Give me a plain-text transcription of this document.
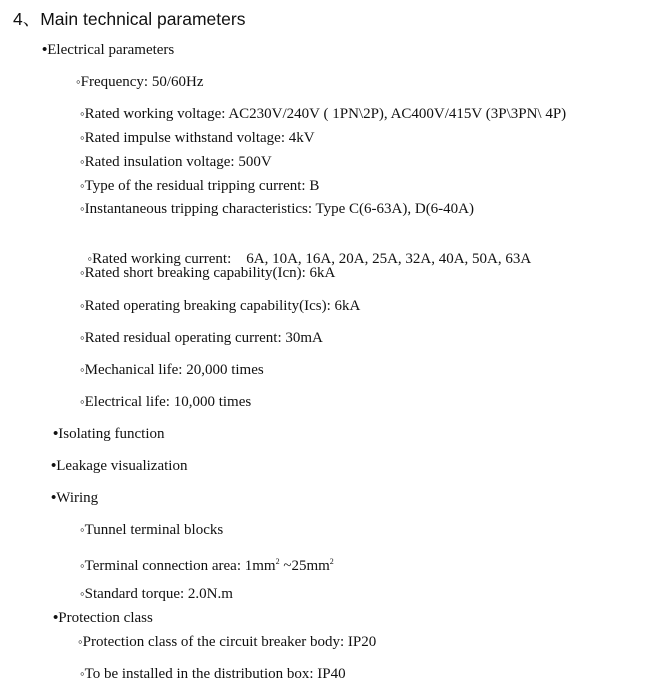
4、Main technical parameters
•Electrical parameters
◦Frequency: 50/60Hz
◦Rated working voltage: AC230V/240V ( 1PN\2P), AC400V/415V (3P\3PN\ 4P)
◦Rated impulse withstand voltage: 4kV
◦Rated insulation voltage: 500V
◦Type of the residual tripping current: B
◦Instantaneous tripping characteristics: Type C(6-63A), D(6-40A)

◦Rated working current:    6A, 10A, 16A, 20A, 25A, 32A, 40A, 50A, 63A

◦Rated short breaking capability(Icn): 6kA
◦Rated operating breaking capability(Ics): 6kA
◦Rated residual operating current: 30mA
◦Mechanical life: 20,000 times
◦Electrical life: 10,000 times
•Isolating function
•Leakage visualization
•Wiring
◦Tunnel terminal blocks
◦Terminal connection area: $1mm^2$ $\sim 25mm^2$
◦Standard torque: 2.0N.m
•Protection class
◦Protection class of the circuit breaker body: IP20
◦To be installed in the distribution box: IP40
